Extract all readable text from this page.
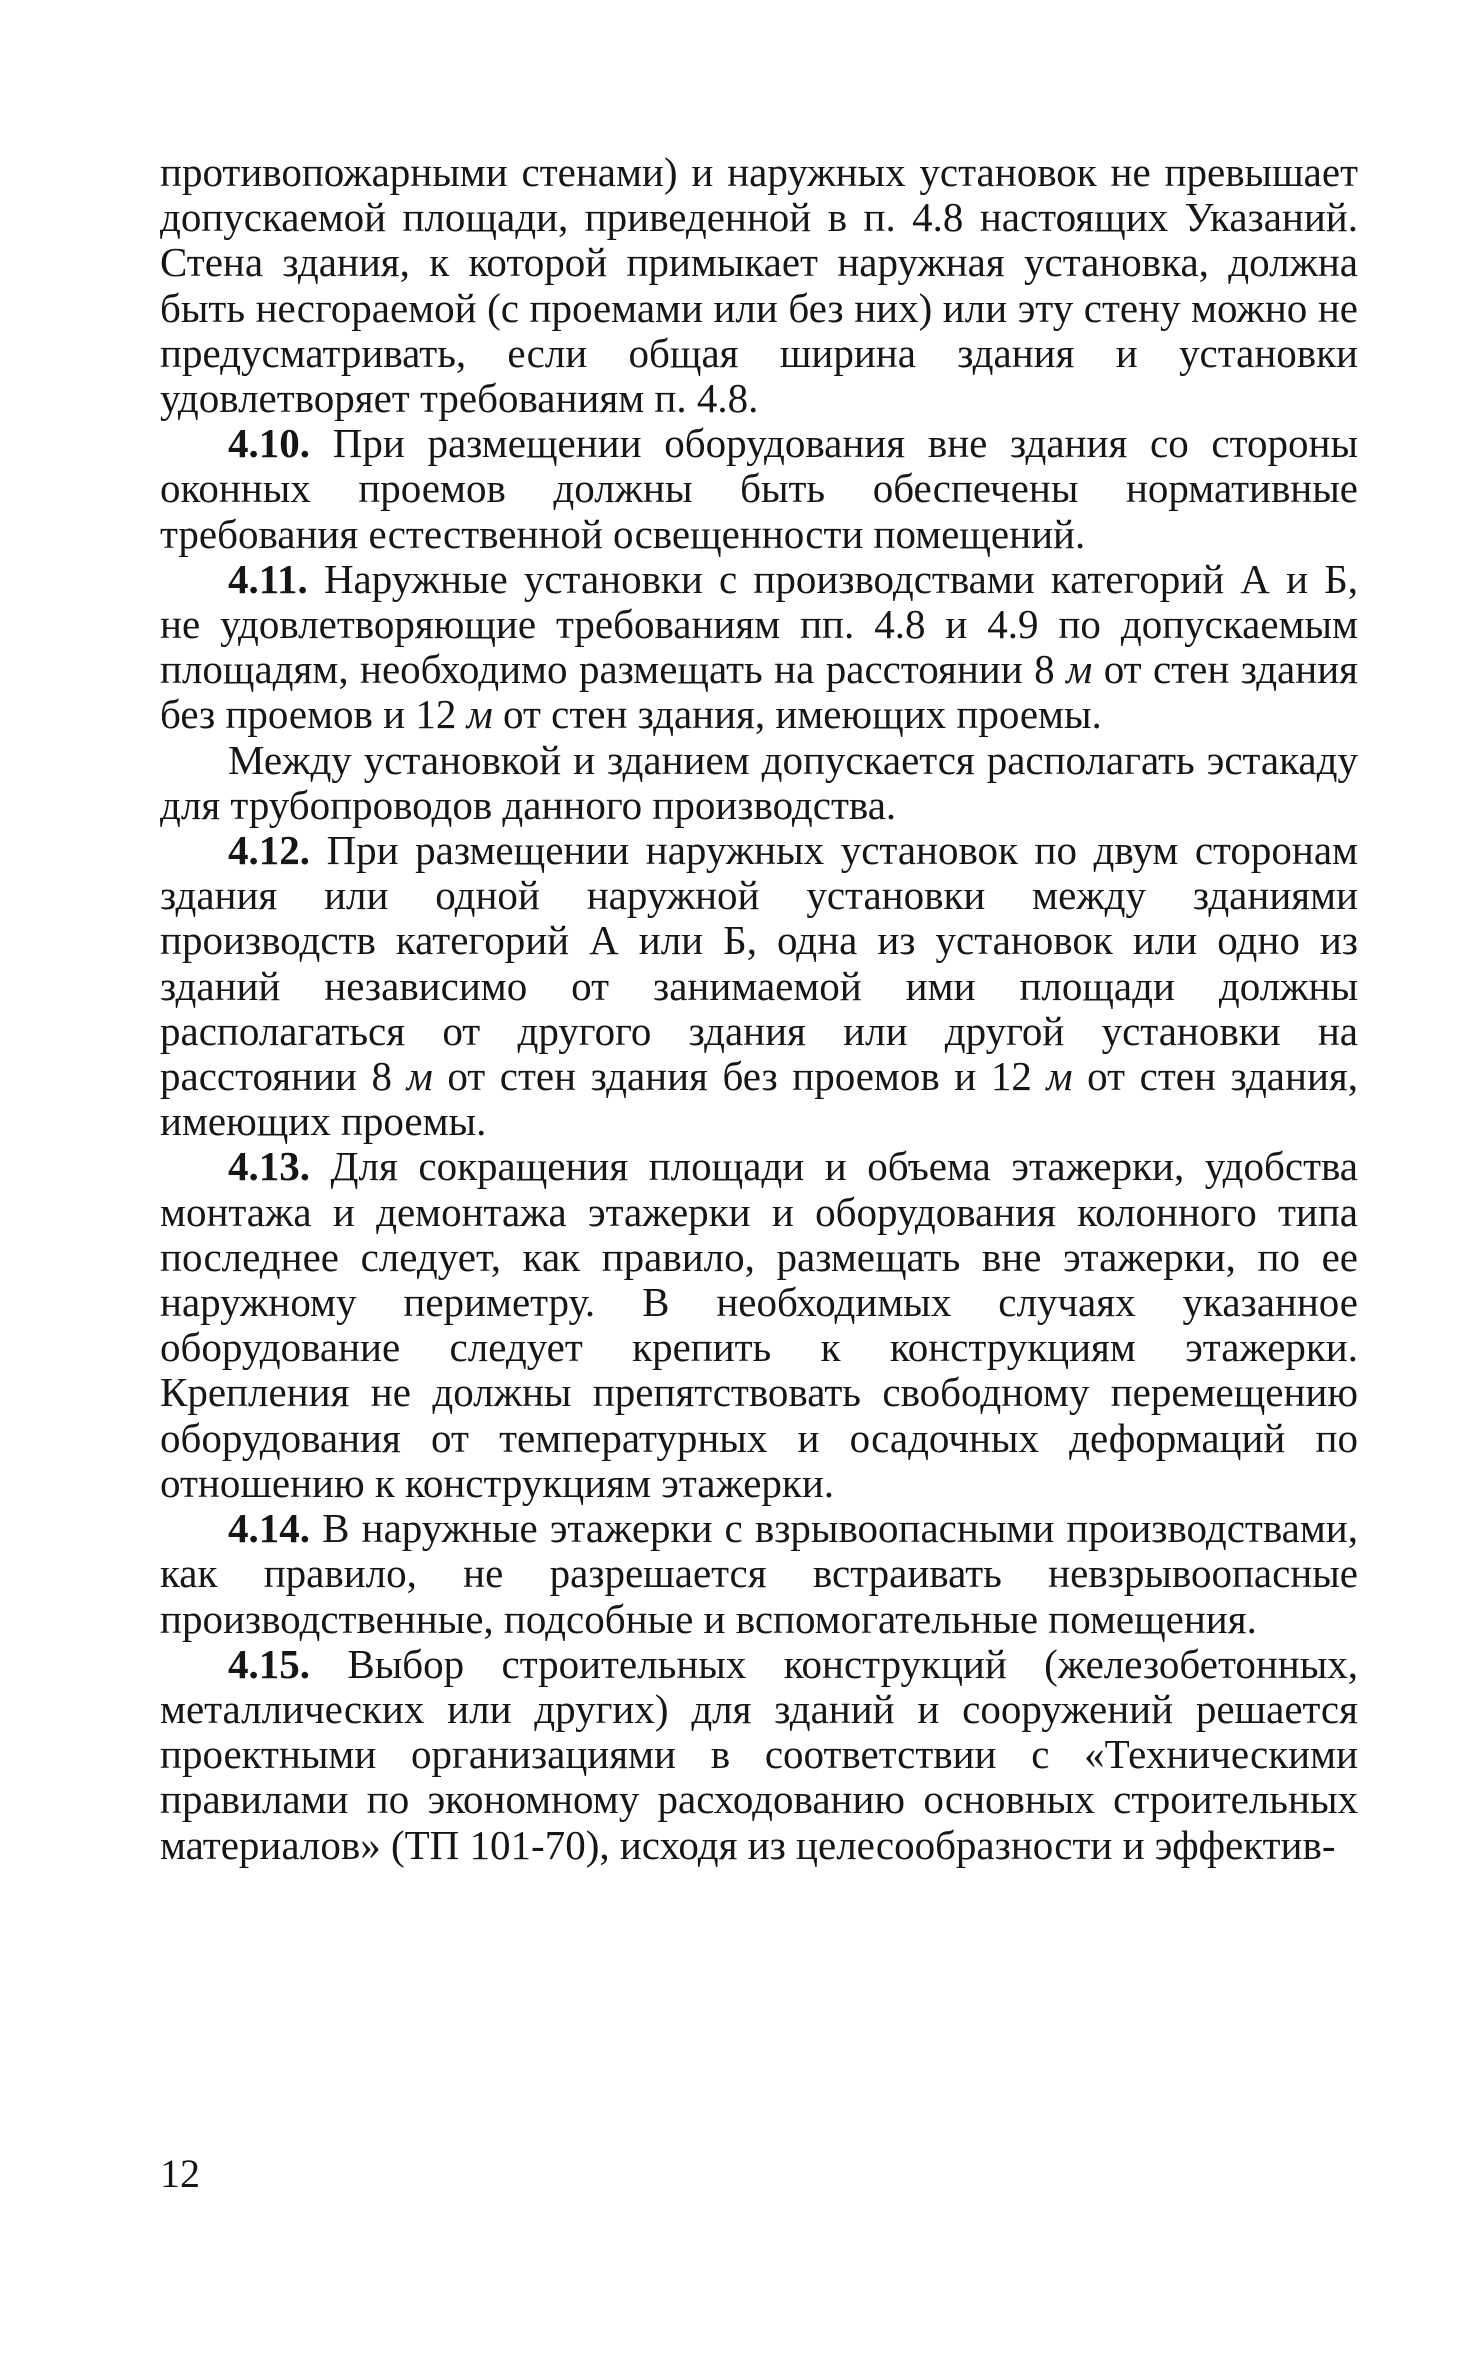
противопожарными стенами) и наружных установок не превышает допускаемой площади, приведенной в п. 4.8 настоящих Указаний. Стена здания, к которой примыкает наружная установка, должна быть несгораемой (с проемами или без них) или эту стену можно не предусматривать, если общая ширина здания и установки удовлетворяет требованиям п. 4.8.

4.10. При размещении оборудования вне здания со стороны оконных проемов должны быть обеспечены нормативные требования естественной освещенности помещений.

4.11. Наружные установки с производствами категорий А и Б, не удовлетворяющие требованиям пп. 4.8 и 4.9 по допускаемым площадям, необходимо размещать на расстоянии 8 м от стен здания без проемов и 12 м от стен здания, имеющих проемы.

Между установкой и зданием допускается располагать эстакаду для трубопроводов данного производства.

4.12. При размещении наружных установок по двум сторонам здания или одной наружной установки между зданиями производств категорий А или Б, одна из установок или одно из зданий независимо от занимаемой ими площади должны располагаться от другого здания или другой установки на расстоянии 8 м от стен здания без проемов и 12 м от стен здания, имеющих проемы.

4.13. Для сокращения площади и объема этажерки, удобства монтажа и демонтажа этажерки и оборудования колонного типа последнее следует, как правило, размещать вне этажерки, по ее наружному периметру. В необходимых случаях указанное оборудование следует крепить к конструкциям этажерки. Крепления не должны препятствовать свободному перемещению оборудования от температурных и осадочных деформаций по отношению к конструкциям этажерки.

4.14. В наружные этажерки с взрывоопасными производствами, как правило, не разрешается встраивать невзрывоопасные производственные, подсобные и вспомогательные помещения.

4.15. Выбор строительных конструкций (железобетонных, металлических или других) для зданий и сооружений решается проектными организациями в соответствии с «Техническими правилами по экономному расходованию основных строительных материалов» (ТП 101-70), исходя из целесообразности и эффектив-

12
